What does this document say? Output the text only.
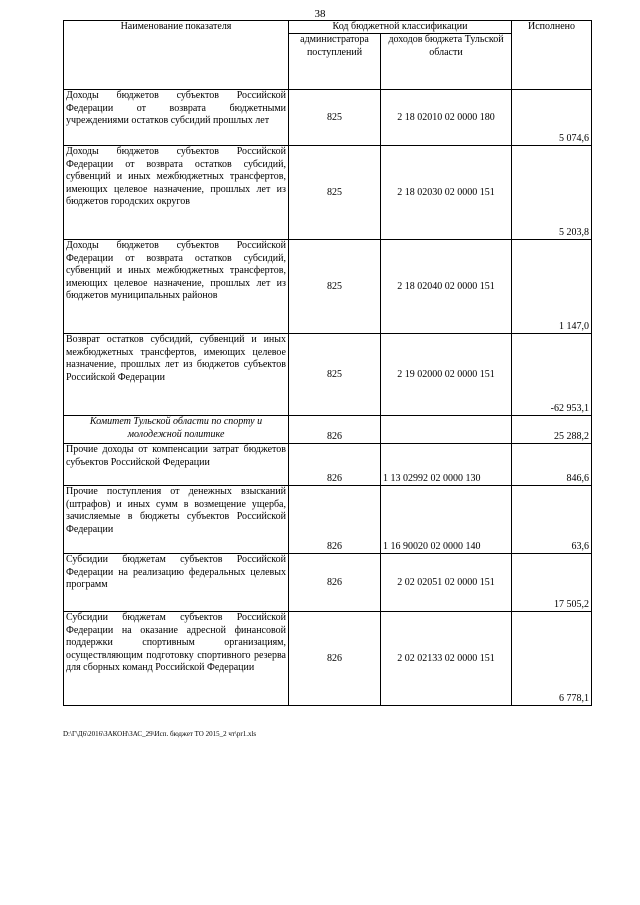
38
Наименование показателя	Код бюджетной классификации		Исполнено
	администратора поступлений	доходов бюджета Тульской области	
Доходы бюджетов субъектов Российской Федерации от возврата бюджетными учреждениями остатков субсидий прошлых лет	825	2 18 02010 02 0000 180	5 074,6
Доходы бюджетов субъектов Российской Федерации от возврата остатков субсидий, субвенций и иных межбюджетных трансфертов, имеющих целевое назначение, прошлых лет из бюджетов городских округов	825	2 18 02030 02 0000 151	5 203,8
Доходы бюджетов субъектов Российской Федерации от возврата остатков субсидий, субвенций и иных межбюджетных трансфертов, имеющих целевое назначение, прошлых лет из бюджетов муниципальных районов	825	2 18 02040 02 0000 151	1 147,0
Возврат остатков субсидий, субвенций и иных межбюджетных трансфертов, имеющих целевое назначение, прошлых лет из бюджетов субъектов Российской Федерации	825	2 19 02000 02 0000 151	-62 953,1
Комитет Тульской области по спорту и молодежной политике	826		25 288,2
Прочие доходы от компенсации затрат бюджетов субъектов Российской Федерации	826	1 13 02992 02 0000 130	846,6
Прочие поступления от денежных взысканий (штрафов) и иных сумм в возмещение ущерба, зачисляемые в бюджеты субъектов Российской Федерации	826	1 16 90020 02 0000 140	63,6
Субсидии бюджетам субъектов Российской Федерации на реализацию федеральных целевых программ	826	2 02 02051 02 0000 151	17 505,2
Субсидии бюджетам субъектов Российской Федерации на оказание адресной финансовой поддержки спортивным организациям, осуществляющим подготовку спортивного резерва для сборных команд Российской Федерации	826	2 02 02133 02 0000 151	6 778,1
D:\Г\Д6\2016\ЗАКОН\ЗАС_29\Исп. бюджет ТО 2015_2 чт\pr1.xls
